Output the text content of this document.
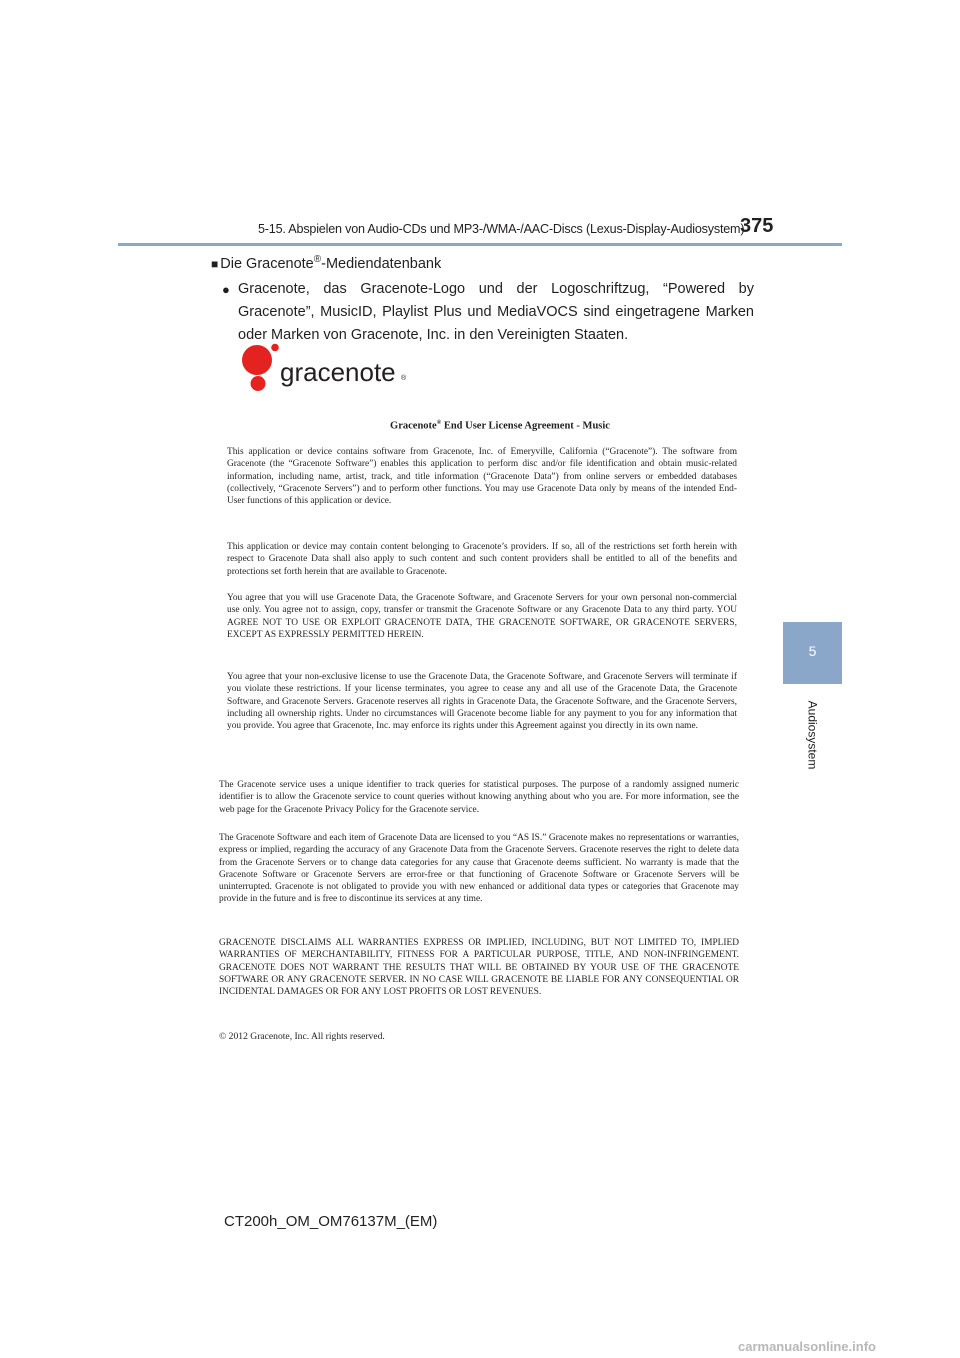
5-15. Abspielen von Audio-CDs und MP3-/WMA-/AAC-Discs (Lexus-Display-Audiosystem)
375
5
Audiosystem
■ Die Gracenote®-Mediendatenbank
● Gracenote, das Gracenote-Logo und der Logoschriftzug, “Powered by Gracenote”, MusicID, Playlist Plus und MediaVOCS sind eingetragene Marken oder Marken von Gracenote, Inc. in den Vereinigten Staaten.
gracenote ®
Gracenote® End User License Agreement - Music
This application or device contains software from Gracenote, Inc. of Emeryville, California (“Gracenote”). The software from Gracenote (the “Gracenote Software”) enables this application to perform disc and/or file identification and obtain music-related information, including name, artist, track, and title information (“Gracenote Data”) from online servers or embedded databases (collectively, “Gracenote Servers”) and to perform other functions. You may use Gracenote Data only by means of the intended End-User functions of this application or device.
This application or device may contain content belonging to Gracenote’s providers. If so, all of the restrictions set forth herein with respect to Gracenote Data shall also apply to such content and such content providers shall be entitled to all of the benefits and protections set forth herein that are available to Gracenote.
You agree that you will use Gracenote Data, the Gracenote Software, and Gracenote Servers for your own personal non-commercial use only. You agree not to assign, copy, transfer or transmit the Gracenote Software or any Gracenote Data to any third party. YOU AGREE NOT TO USE OR EXPLOIT GRACENOTE DATA, THE GRACENOTE SOFTWARE, OR GRACENOTE SERVERS, EXCEPT AS EXPRESSLY PERMITTED HEREIN.
You agree that your non-exclusive license to use the Gracenote Data, the Gracenote Software, and Gracenote Servers will terminate if you violate these restrictions. If your license terminates, you agree to cease any and all use of the Gracenote Data, the Gracenote Software, and Gracenote Servers. Gracenote reserves all rights in Gracenote Data, the Gracenote Software, and the Gracenote Servers, including all ownership rights. Under no circumstances will Gracenote become liable for any payment to you for any information that you provide. You agree that Gracenote, Inc. may enforce its rights under this Agreement against you directly in its own name.
The Gracenote service uses a unique identifier to track queries for statistical purposes. The purpose of a randomly assigned numeric identifier is to allow the Gracenote service to count queries without knowing anything about who you are. For more information, see the web page for the Gracenote Privacy Policy for the Gracenote service.
The Gracenote Software and each item of Gracenote Data are licensed to you “AS IS.” Gracenote makes no representations or warranties, express or implied, regarding the accuracy of any Gracenote Data from the Gracenote Servers. Gracenote reserves the right to delete data from the Gracenote Servers or to change data categories for any cause that Gracenote deems sufficient. No warranty is made that the Gracenote Software or Gracenote Servers are error-free or that functioning of Gracenote Software or Gracenote Servers will be uninterrupted. Gracenote is not obligated to provide you with new enhanced or additional data types or categories that Gracenote may provide in the future and is free to discontinue its services at any time.
GRACENOTE DISCLAIMS ALL WARRANTIES EXPRESS OR IMPLIED, INCLUDING, BUT NOT LIMITED TO, IMPLIED WARRANTIES OF MERCHANTABILITY, FITNESS FOR A PARTICULAR PURPOSE, TITLE, AND NON-INFRINGEMENT. GRACENOTE DOES NOT WARRANT THE RESULTS THAT WILL BE OBTAINED BY YOUR USE OF THE GRACENOTE SOFTWARE OR ANY GRACENOTE SERVER. IN NO CASE WILL GRACENOTE BE LIABLE FOR ANY CONSEQUENTIAL OR INCIDENTAL DAMAGES OR FOR ANY LOST PROFITS OR LOST REVENUES.
© 2012 Gracenote, Inc. All rights reserved.
CT200h_OM_OM76137M_(EM)
carmanualsonline.info
